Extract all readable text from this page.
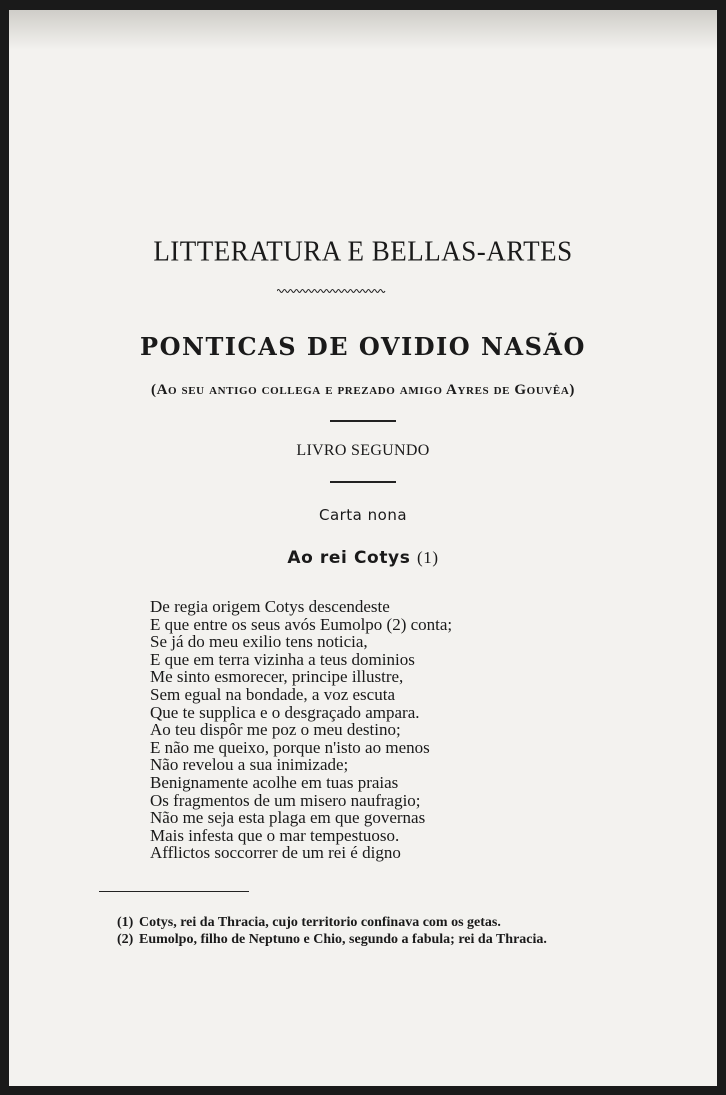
LITTERATURA E BELLAS-ARTES
PONTICAS DE OVIDIO NASÃO
(Ao seu antigo collega e prezado amigo Ayres de Gouvêa)
LIVRO SEGUNDO
Carta nona
Ao rei Cotys (1)
De regia origem Cotys descendeste
E que entre os seus avós Eumolpo (2) conta;
Se já do meu exilio tens noticia,
E que em terra vizinha a teus dominios
Me sinto esmorecer, principe illustre,
Sem egual na bondade, a voz escuta
Que te supplica e o desgraçado ampara.
Ao teu dispôr me poz o meu destino;
E não me queixo, porque n'isto ao menos
Não revelou a sua inimizade;
Benignamente acolhe em tuas praias
Os fragmentos de um misero naufragio;
Não me seja esta plaga em que governas
Mais infesta que o mar tempestuoso.
Afflictos soccorrer de um rei é digno
(1) Cotys, rei da Thracia, cujo territorio confinava com os getas.
(2) Eumolpo, filho de Neptuno e Chio, segundo a fabula; rei da Thracia.
